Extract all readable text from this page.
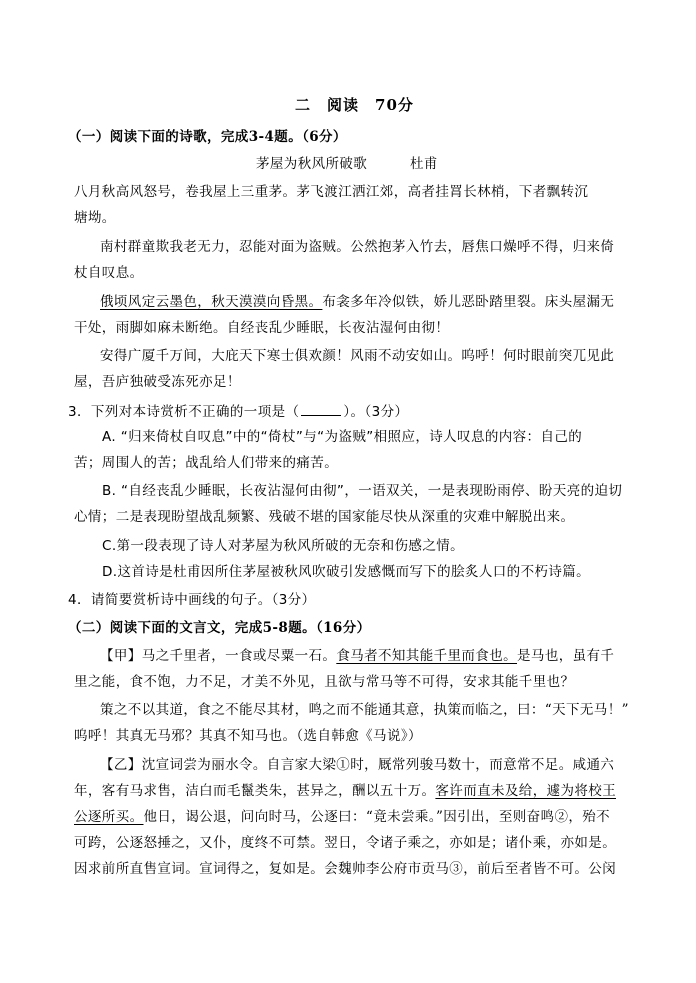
二　阅读　70分
（一）阅读下面的诗歌，完成3-4题。（6分）
茅屋为秋风所破歌	杜甫
八月秋高风怒号，卷我屋上三重茅。茅飞渡江洒江郊，高者挂罥长林梢，下者飘转沉
塘坳。
南村群童欺我老无力，忍能对面为盗贼。公然抱茅入竹去，唇焦口燥呼不得，归来倚
杖自叹息。
俄顷风定云墨色，秋天漠漠向昏黑。布衾多年冷似铁，娇儿恶卧踏里裂。床头屋漏无
干处，雨脚如麻未断绝。自经丧乱少睡眠，长夜沾湿何由彻！
安得广厦千万间，大庇天下寒士俱欢颜！风雨不动安如山。呜呼！何时眼前突兀见此
屋，吾庐独破受冻死亦足！
3．下列对本诗赏析不正确的一项是（	）。（3分）
A. “归来倚杖自叹息”中的“倚杖”与“为盗贼”相照应，诗人叹息的内容：自己的
苦；周围人的苦；战乱给人们带来的痛苦。
B. “自经丧乱少睡眠，长夜沾湿何由彻”，一语双关，一是表现盼雨停、盼天亮的迫切
心情；二是表现盼望战乱频繁、残破不堪的国家能尽快从深重的灾难中解脱出来。
C.第一段表现了诗人对茅屋为秋风所破的无奈和伤感之情。
D.这首诗是杜甫因所住茅屋被秋风吹破引发感慨而写下的脍炙人口的不朽诗篇。
4．请简要赏析诗中画线的句子。（3分）
（二）阅读下面的文言文，完成5-8题。（16分）
【甲】马之千里者，一食或尽粟一石。食马者不知其能千里而食也。是马也，虽有千
里之能，食不饱，力不足，才美不外见，且欲与常马等不可得，安求其能千里也？
策之不以其道，食之不能尽其材，鸣之而不能通其意，执策而临之，曰：“天下无马！”
呜呼！其真无马邪？其真不知马也。（选自韩愈《马说》）
【乙】沈宣词尝为丽水令。自言家大梁①时，厩常列骏马数十，而意常不足。咸通六
年，客有马求售，洁白而毛鬣类朱，甚异之，酬以五十万。客许而直未及给，遽为将校王
公逐所买。他日，谒公退，问向时马，公逐曰：“竟未尝乘。”因引出，至则奋鸣②，殆不
可跨，公逐怒捶之，又仆，度终不可禁。翌日，令诸子乘之，亦如是；诸仆乘，亦如是。
因求前所直售宣词。宣词得之，复如是。会魏帅李公府市贡马③，前后至者皆不可。公闵
